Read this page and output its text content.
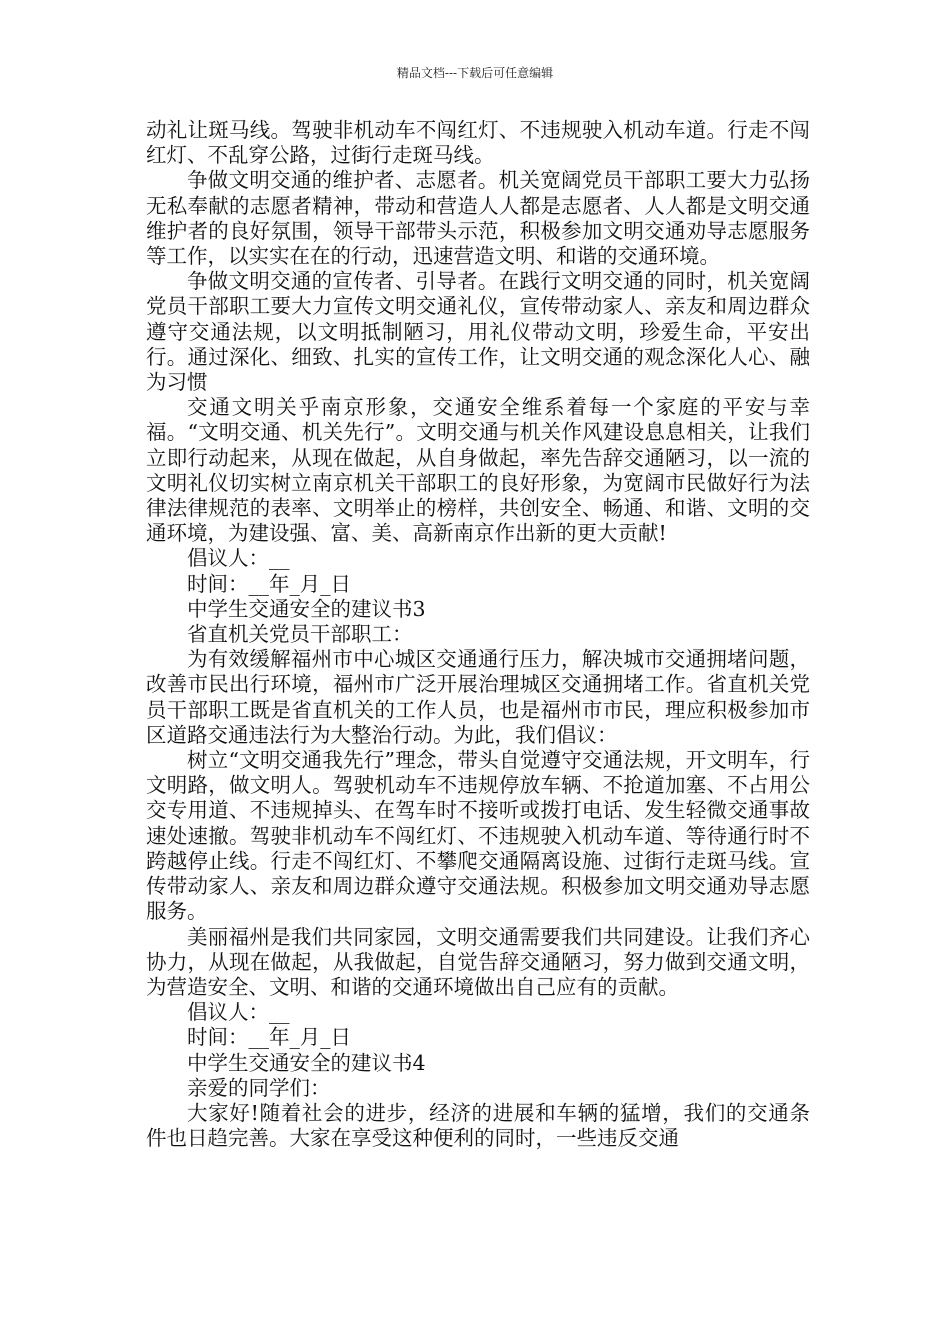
精品文档---下载后可任意编辑

动礼让斑马线。驾驶非机动车不闯红灯、不违规驶入机动车道。行走不闯红灯、不乱穿公路，过街行走斑马线。

争做文明交通的维护者、志愿者。机关宽阔党员干部职工要大力弘扬无私奉献的志愿者精神，带动和营造人人都是志愿者、人人都是文明交通维护者的良好氛围，领导干部带头示范，积极参加文明交通劝导志愿服务等工作，以实实在在的行动，迅速营造文明、和谐的交通环境。

争做文明交通的宣传者、引导者。在践行文明交通的同时，机关宽阔党员干部职工要大力宣传文明交通礼仪，宣传带动家人、亲友和周边群众遵守交通法规，以文明抵制陋习，用礼仪带动文明，珍爱生命，平安出行。通过深化、细致、扎实的宣传工作，让文明交通的观念深化人心、融为习惯

交通文明关乎南京形象，交通安全维系着每一个家庭的平安与幸福。“文明交通、机关先行”。文明交通与机关作风建设息息相关，让我们立即行动起来，从现在做起，从自身做起，率先告辞交通陋习，以一流的文明礼仪切实树立南京机关干部职工的良好形象，为宽阔市民做好行为法律法律规范的表率、文明举止的榜样，共创安全、畅通、和谐、文明的交通环境，为建设强、富、美、高新南京作出新的更大贡献!

倡议人：__

时间：__年_月_日

中学生交通安全的建议书3

省直机关党员干部职工：

为有效缓解福州市中心城区交通通行压力，解决城市交通拥堵问题，改善市民出行环境，福州市广泛开展治理城区交通拥堵工作。省直机关党员干部职工既是省直机关的工作人员，也是福州市市民，理应积极参加市区道路交通违法行为大整治行动。为此，我们倡议：

树立“文明交通我先行”理念，带头自觉遵守交通法规，开文明车，行文明路，做文明人。驾驶机动车不违规停放车辆、不抢道加塞、不占用公交专用道、不违规掉头、在驾车时不接听或拨打电话、发生轻微交通事故速处速撤。驾驶非机动车不闯红灯、不违规驶入机动车道、等待通行时不跨越停止线。行走不闯红灯、不攀爬交通隔离设施、过街行走斑马线。宣传带动家人、亲友和周边群众遵守交通法规。积极参加文明交通劝导志愿服务。

美丽福州是我们共同家园，文明交通需要我们共同建设。让我们齐心协力，从现在做起，从我做起，自觉告辞交通陋习，努力做到交通文明，为营造安全、文明、和谐的交通环境做出自己应有的贡献。

倡议人：__

时间：__年_月_日

中学生交通安全的建议书4

亲爱的同学们：

大家好!随着社会的进步，经济的进展和车辆的猛增，我们的交通条件也日趋完善。大家在享受这种便利的同时，一些违反交通
